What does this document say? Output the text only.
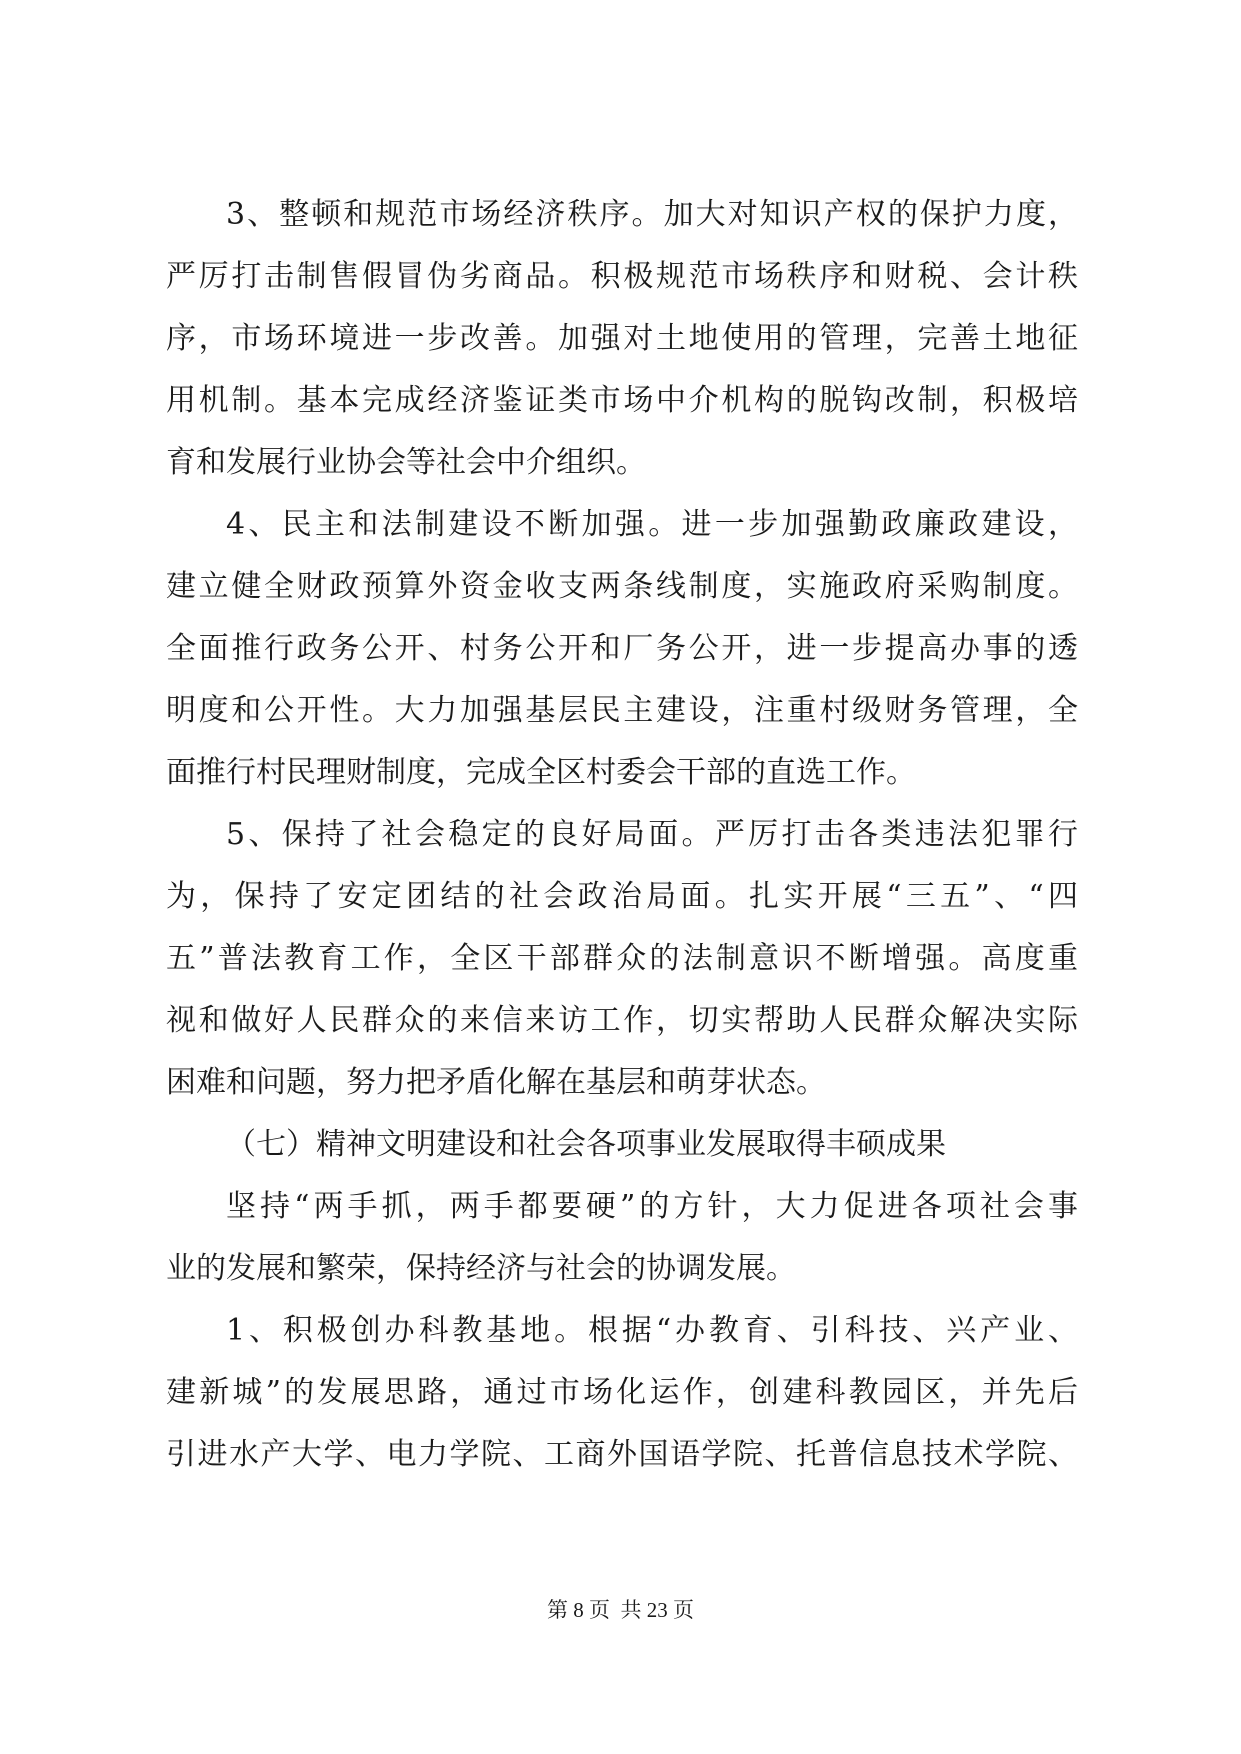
3、整顿和规范市场经济秩序。加大对知识产权的保护力度，
严厉打击制售假冒伪劣商品。积极规范市场秩序和财税、会计秩
序，市场环境进一步改善。加强对土地使用的管理，完善土地征
用机制。基本完成经济鉴证类市场中介机构的脱钩改制，积极培
育和发展行业协会等社会中介组织。
4、民主和法制建设不断加强。进一步加强勤政廉政建设，
建立健全财政预算外资金收支两条线制度，实施政府采购制度。
全面推行政务公开、村务公开和厂务公开，进一步提高办事的透
明度和公开性。大力加强基层民主建设，注重村级财务管理，全
面推行村民理财制度，完成全区村委会干部的直选工作。
5、保持了社会稳定的良好局面。严厉打击各类违法犯罪行
为，保持了安定团结的社会政治局面。扎实开展“三五”、“四
五”普法教育工作，全区干部群众的法制意识不断增强。高度重
视和做好人民群众的来信来访工作，切实帮助人民群众解决实际
困难和问题，努力把矛盾化解在基层和萌芽状态。
（七）精神文明建设和社会各项事业发展取得丰硕成果
坚持“两手抓，两手都要硬”的方针，大力促进各项社会事
业的发展和繁荣，保持经济与社会的协调发展。
1、积极创办科教基地。根据“办教育、引科技、兴产业、
建新城”的发展思路，通过市场化运作，创建科教园区，并先后
引进水产大学、电力学院、工商外国语学院、托普信息技术学院、
第 8 页  共 23 页
